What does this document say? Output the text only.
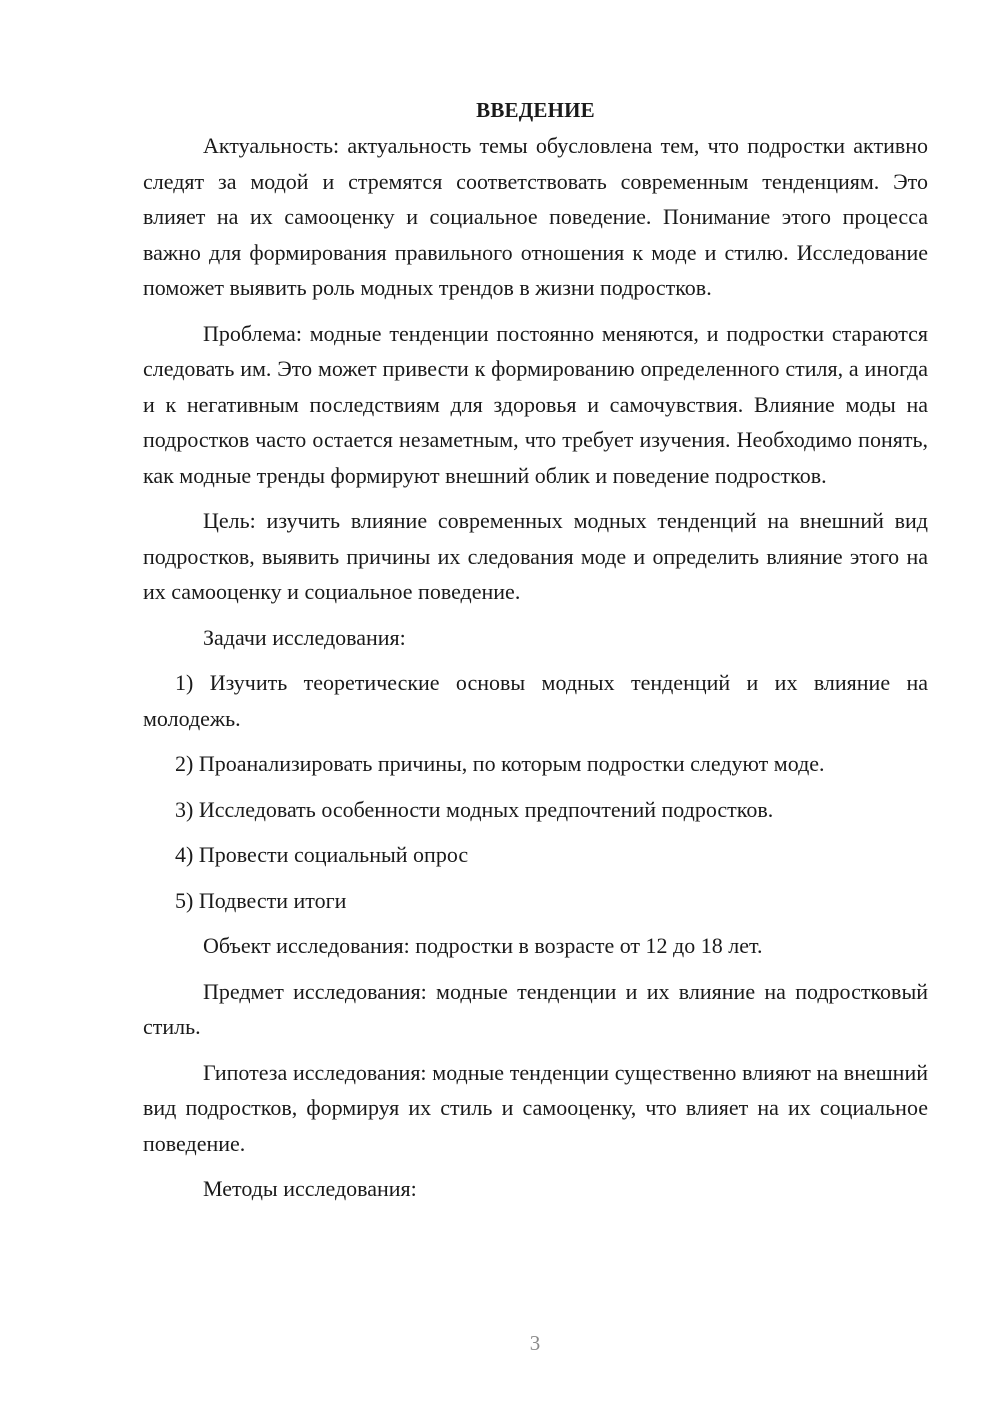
ВВЕДЕНИЕ

Актуальность: актуальность темы обусловлена тем, что подростки активно следят за модой и стремятся соответствовать современным тенденциям. Это влияет на их самооценку и социальное поведение. Понимание этого процесса важно для формирования правильного отношения к моде и стилю. Исследование поможет выявить роль модных трендов в жизни подростков.

Проблема: модные тенденции постоянно меняются, и подростки стараются следовать им. Это может привести к формированию определенного стиля, а иногда и к негативным последствиям для здоровья и самочувствия. Влияние моды на подростков часто остается незаметным, что требует изучения. Необходимо понять, как модные тренды формируют внешний облик и поведение подростков.

Цель: изучить влияние современных модных тенденций на внешний вид подростков, выявить причины их следования моде и определить влияние этого на их самооценку и социальное поведение.

Задачи исследования:

1) Изучить теоретические основы модных тенденций и их влияние на молодежь.

2) Проанализировать причины, по которым подростки следуют моде.

3) Исследовать особенности модных предпочтений подростков.

4) Провести социальный опрос

5) Подвести итоги

Объект исследования: подростки в возрасте от 12 до 18 лет.

Предмет исследования: модные тенденции и их влияние на подростковый стиль.

Гипотеза исследования: модные тенденции существенно влияют на внешний вид подростков, формируя их стиль и самооценку, что влияет на их социальное поведение.

Методы исследования:

3
